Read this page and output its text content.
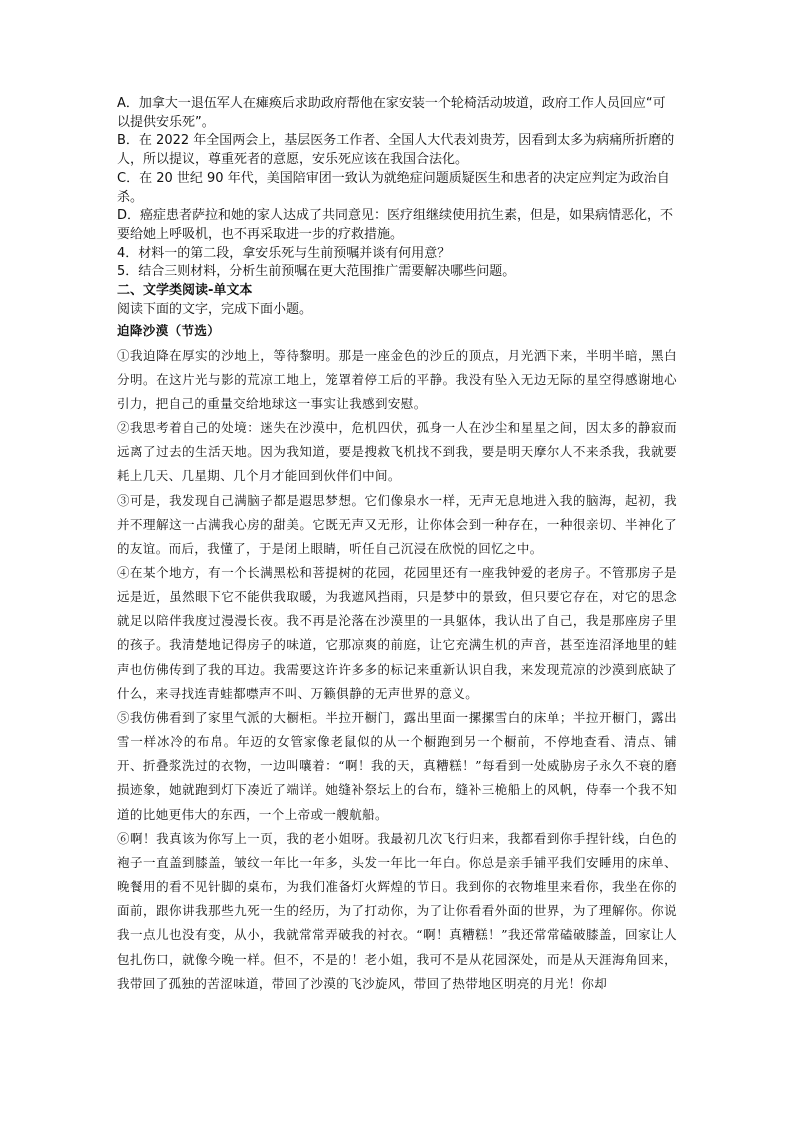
A．加拿大一退伍军人在瘫痪后求助政府帮他在家安装一个轮椅活动坡道，政府工作人员回应“可以提供安乐死”。

B．在 2022 年全国两会上，基层医务工作者、全国人大代表刘贵芳，因看到太多为病痛所折磨的人，所以提议，尊重死者的意愿，安乐死应该在我国合法化。

C．在 20 世纪 90 年代，美国陪审团一致认为就绝症问题质疑医生和患者的决定应判定为政治自杀。

D．癌症患者萨拉和她的家人达成了共同意见：医疗组继续使用抗生素，但是，如果病情恶化，不要给她上呼吸机，也不再采取进一步的疗救措施。

4．材料一的第二段，拿安乐死与生前预嘱并谈有何用意？

5．结合三则材料，分析生前预嘱在更大范围推广需要解决哪些问题。

二、文学类阅读-单文本

阅读下面的文字，完成下面小题。

迫降沙漠（节选）

①我迫降在厚实的沙地上，等待黎明。那是一座金色的沙丘的顶点，月光洒下来，半明半暗，黑白分明。在这片光与影的荒凉工地上，笼罩着停工后的平静。我没有坠入无边无际的星空得感谢地心引力，把自己的重量交给地球这一事实让我感到安慰。

②我思考着自己的处境：迷失在沙漠中，危机四伏，孤身一人在沙尘和星星之间，因太多的静寂而远离了过去的生活天地。因为我知道，要是搜救飞机找不到我，要是明天摩尔人不来杀我，我就要耗上几天、几星期、几个月才能回到伙伴们中间。

③可是，我发现自己满脑子都是遐思梦想。它们像泉水一样，无声无息地进入我的脑海，起初，我并不理解这一占满我心房的甜美。它既无声又无形，让你体会到一种存在，一种很亲切、半神化了的友谊。而后，我懂了，于是闭上眼睛，听任自己沉浸在欣悦的回忆之中。

④在某个地方，有一个长满黑松和菩提树的花园，花园里还有一座我钟爱的老房子。不管那房子是远是近，虽然眼下它不能供我取暖，为我遮风挡雨，只是梦中的景致，但只要它存在，对它的思念就足以陪伴我度过漫漫长夜。我不再是沦落在沙漠里的一具躯体，我认出了自己，我是那座房子里的孩子。我清楚地记得房子的味道，它那凉爽的前庭，让它充满生机的声音，甚至连沼泽地里的蛙声也仿佛传到了我的耳边。我需要这许许多多的标记来重新认识自我，来发现荒凉的沙漠到底缺了什么，来寻找连青蛙都噤声不叫、万籁俱静的无声世界的意义。

⑤我仿佛看到了家里气派的大橱柜。半拉开橱门，露出里面一摞摞雪白的床单；半拉开橱门，露出雪一样冰冷的布帛。年迈的女管家像老鼠似的从一个橱跑到另一个橱前，不停地查看、清点、铺开、折叠浆洗过的衣物，一边叫嚷着：“啊！我的天，真糟糕！”每看到一处威胁房子永久不衰的磨损迹象，她就跑到灯下凑近了端详。她缝补祭坛上的台布，缝补三桅船上的风帆，侍奉一个我不知道的比她更伟大的东西，一个上帝或一艘航船。

⑥啊！我真该为你写上一页，我的老小姐呀。我最初几次飞行归来，我都看到你手捏针线，白色的袍子一直盖到膝盖，皱纹一年比一年多，头发一年比一年白。你总是亲手铺平我们安睡用的床单、晚餐用的看不见针脚的桌布，为我们准备灯火辉煌的节日。我到你的衣物堆里来看你，我坐在你的面前，跟你讲我那些九死一生的经历，为了打动你，为了让你看看外面的世界，为了理解你。你说我一点儿也没有变，从小，我就常常弄破我的衬衣。“啊！真糟糕！”我还常常磕破膝盖，回家让人包扎伤口，就像今晚一样。但不，不是的！老小姐，我可不是从花园深处，而是从天涯海角回来，我带回了孤独的苦涩味道，带回了沙漠的飞沙旋风，带回了热带地区明亮的月光！你却
